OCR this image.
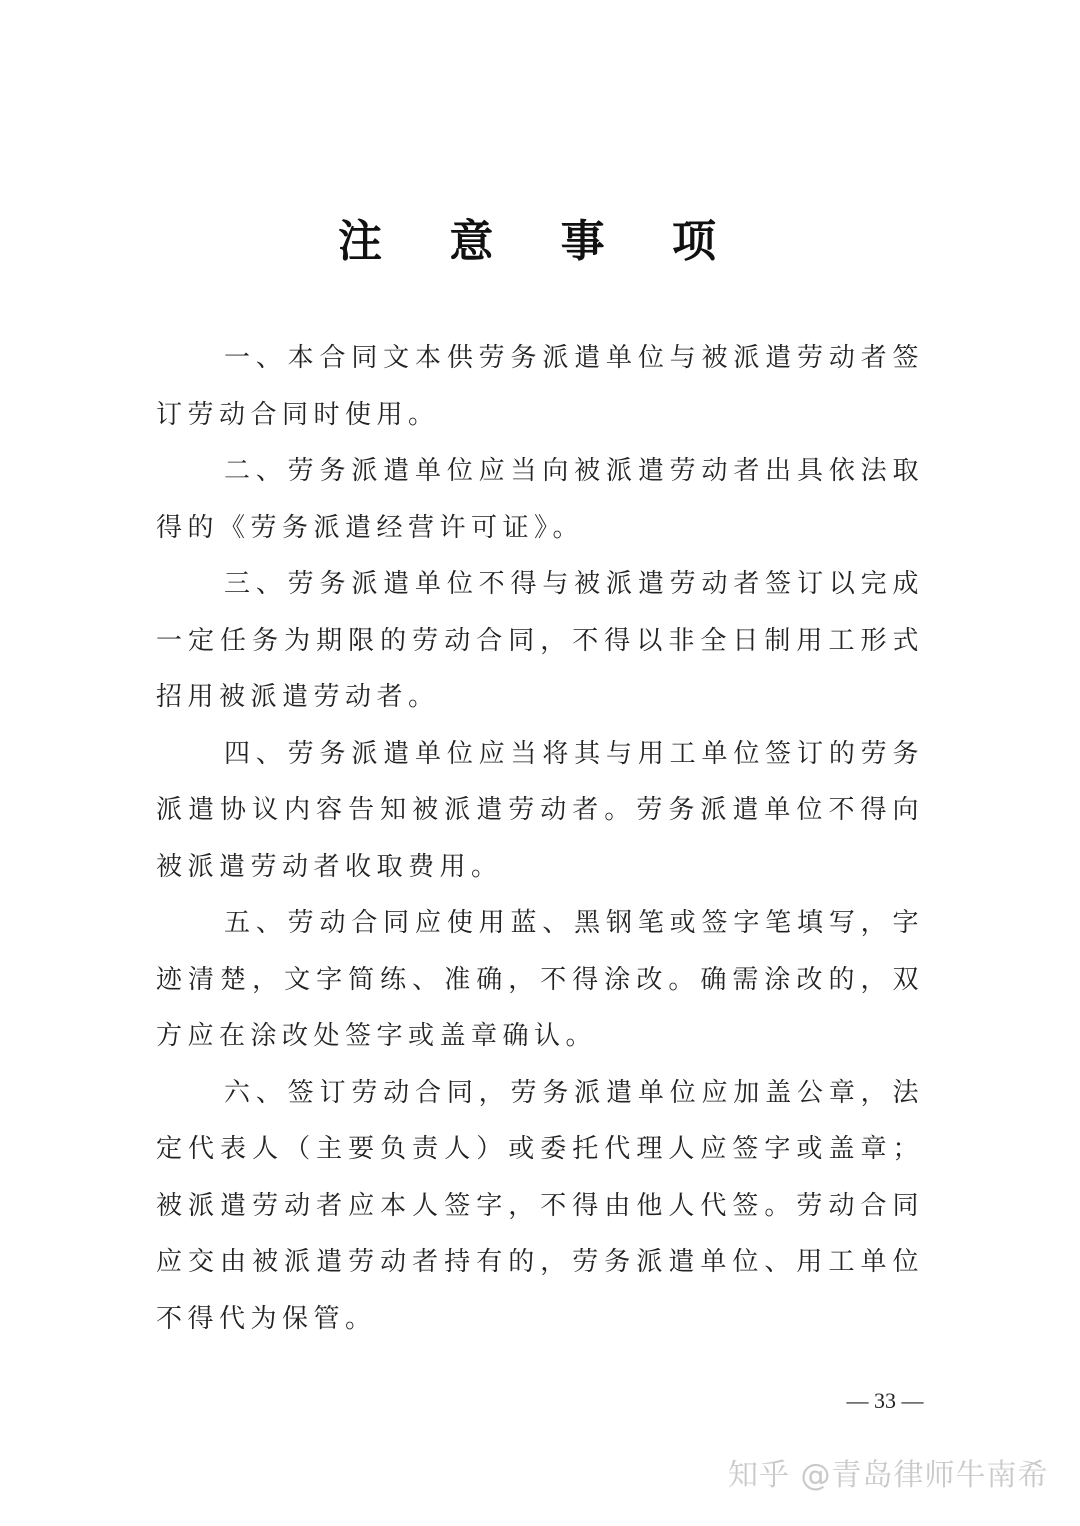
注 意 事 项

一、本合同文本供劳务派遣单位与被派遣劳动者签订劳动合同时使用。

二、劳务派遣单位应当向被派遣劳动者出具依法取得的《劳务派遣经营许可证》。

三、劳务派遣单位不得与被派遣劳动者签订以完成一定任务为期限的劳动合同，不得以非全日制用工形式招用被派遣劳动者。

四、劳务派遣单位应当将其与用工单位签订的劳务派遣协议内容告知被派遣劳动者。劳务派遣单位不得向被派遣劳动者收取费用。

五、劳动合同应使用蓝、黑钢笔或签字笔填写，字迹清楚，文字简练、准确，不得涂改。确需涂改的，双方应在涂改处签字或盖章确认。

六、签订劳动合同，劳务派遣单位应加盖公章，法定代表人（主要负责人）或委托代理人应签字或盖章；被派遣劳动者应本人签字，不得由他人代签。劳动合同应交由被派遣劳动者持有的，劳务派遣单位、用工单位不得代为保管。

— 33 —
知乎 @青岛律师牛南希
